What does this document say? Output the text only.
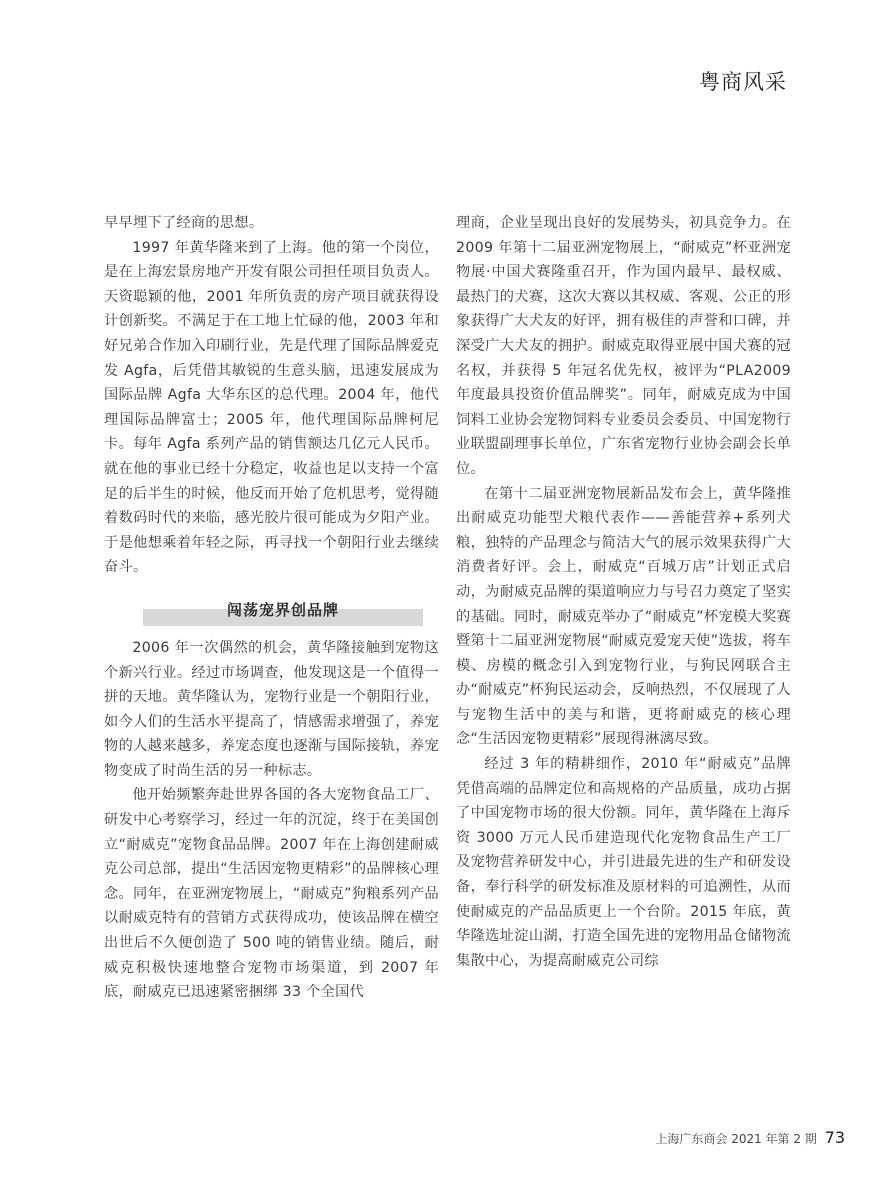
粤商风采

早早埋下了经商的思想。

1997 年黄华隆来到了上海。他的第一个岗位，是在上海宏景房地产开发有限公司担任项目负责人。天资聪颖的他，2001 年所负责的房产项目就获得设计创新奖。不满足于在工地上忙碌的他，2003 年和好兄弟合作加入印刷行业，先是代理了国际品牌爱克发 Agfa，后凭借其敏锐的生意头脑，迅速发展成为国际品牌 Agfa 大华东区的总代理。2004 年，他代理国际品牌富士；2005 年，他代理国际品牌柯尼卡。每年 Agfa 系列产品的销售额达几亿元人民币。就在他的事业已经十分稳定，收益也足以支持一个富足的后半生的时候，他反而开始了危机思考，觉得随着数码时代的来临，感光胶片很可能成为夕阳产业。于是他想乘着年轻之际，再寻找一个朝阳行业去继续奋斗。

闯荡宠界创品牌

2006 年一次偶然的机会，黄华隆接触到宠物这个新兴行业。经过市场调查，他发现这是一个值得一拼的天地。黄华隆认为，宠物行业是一个朝阳行业，如今人们的生活水平提高了，情感需求增强了，养宠物的人越来越多，养宠态度也逐渐与国际接轨，养宠物变成了时尚生活的另一种标志。

他开始频繁奔赴世界各国的各大宠物食品工厂、研发中心考察学习，经过一年的沉淀，终于在美国创立“耐威克”宠物食品品牌。2007 年在上海创建耐威克公司总部，提出“生活因宠物更精彩”的品牌核心理念。同年，在亚洲宠物展上，“耐威克”狗粮系列产品以耐威克特有的营销方式获得成功，使该品牌在横空出世后不久便创造了 500 吨的销售业绩。随后，耐威克积极快速地整合宠物市场渠道，到 2007 年底，耐威克已迅速紧密捆绑 33 个全国代

理商，企业呈现出良好的发展势头，初具竞争力。在 2009 年第十二届亚洲宠物展上，“耐威克”杯亚洲宠物展·中国犬赛隆重召开，作为国内最早、最权威、最热门的犬赛，这次大赛以其权威、客观、公正的形象获得广大犬友的好评，拥有极佳的声誉和口碑，并深受广大犬友的拥护。耐威克取得亚展中国犬赛的冠名权，并获得 5 年冠名优先权，被评为“PLA2009 年度最具投资价值品牌奖”。同年，耐威克成为中国饲料工业协会宠物饲料专业委员会委员、中国宠物行业联盟副理事长单位，广东省宠物行业协会副会长单位。

在第十二届亚洲宠物展新品发布会上，黄华隆推出耐威克功能型犬粮代表作——善能营养+系列犬粮，独特的产品理念与简洁大气的展示效果获得广大消费者好评。会上，耐威克“百城万店”计划正式启动，为耐威克品牌的渠道响应力与号召力奠定了坚实的基础。同时，耐威克举办了“耐威克”杯宠模大奖赛暨第十二届亚洲宠物展“耐威克爱宠天使”选拔，将车模、房模的概念引入到宠物行业，与狗民网联合主办“耐威克”杯狗民运动会，反响热烈，不仅展现了人与宠物生活中的美与和谐，更将耐威克的核心理念“生活因宠物更精彩”展现得淋漓尽致。

经过 3 年的精耕细作，2010 年“耐威克”品牌凭借高端的品牌定位和高规格的产品质量，成功占据了中国宠物市场的很大份额。同年，黄华隆在上海斥资 3000 万元人民币建造现代化宠物食品生产工厂及宠物营养研发中心，并引进最先进的生产和研发设备，奉行科学的研发标准及原材料的可追溯性，从而使耐威克的产品品质更上一个台阶。2015 年底，黄华隆选址淀山湖，打造全国先进的宠物用品仓储物流集散中心，为提高耐威克公司综

上海广东商会 2021 年第 2 期 73
